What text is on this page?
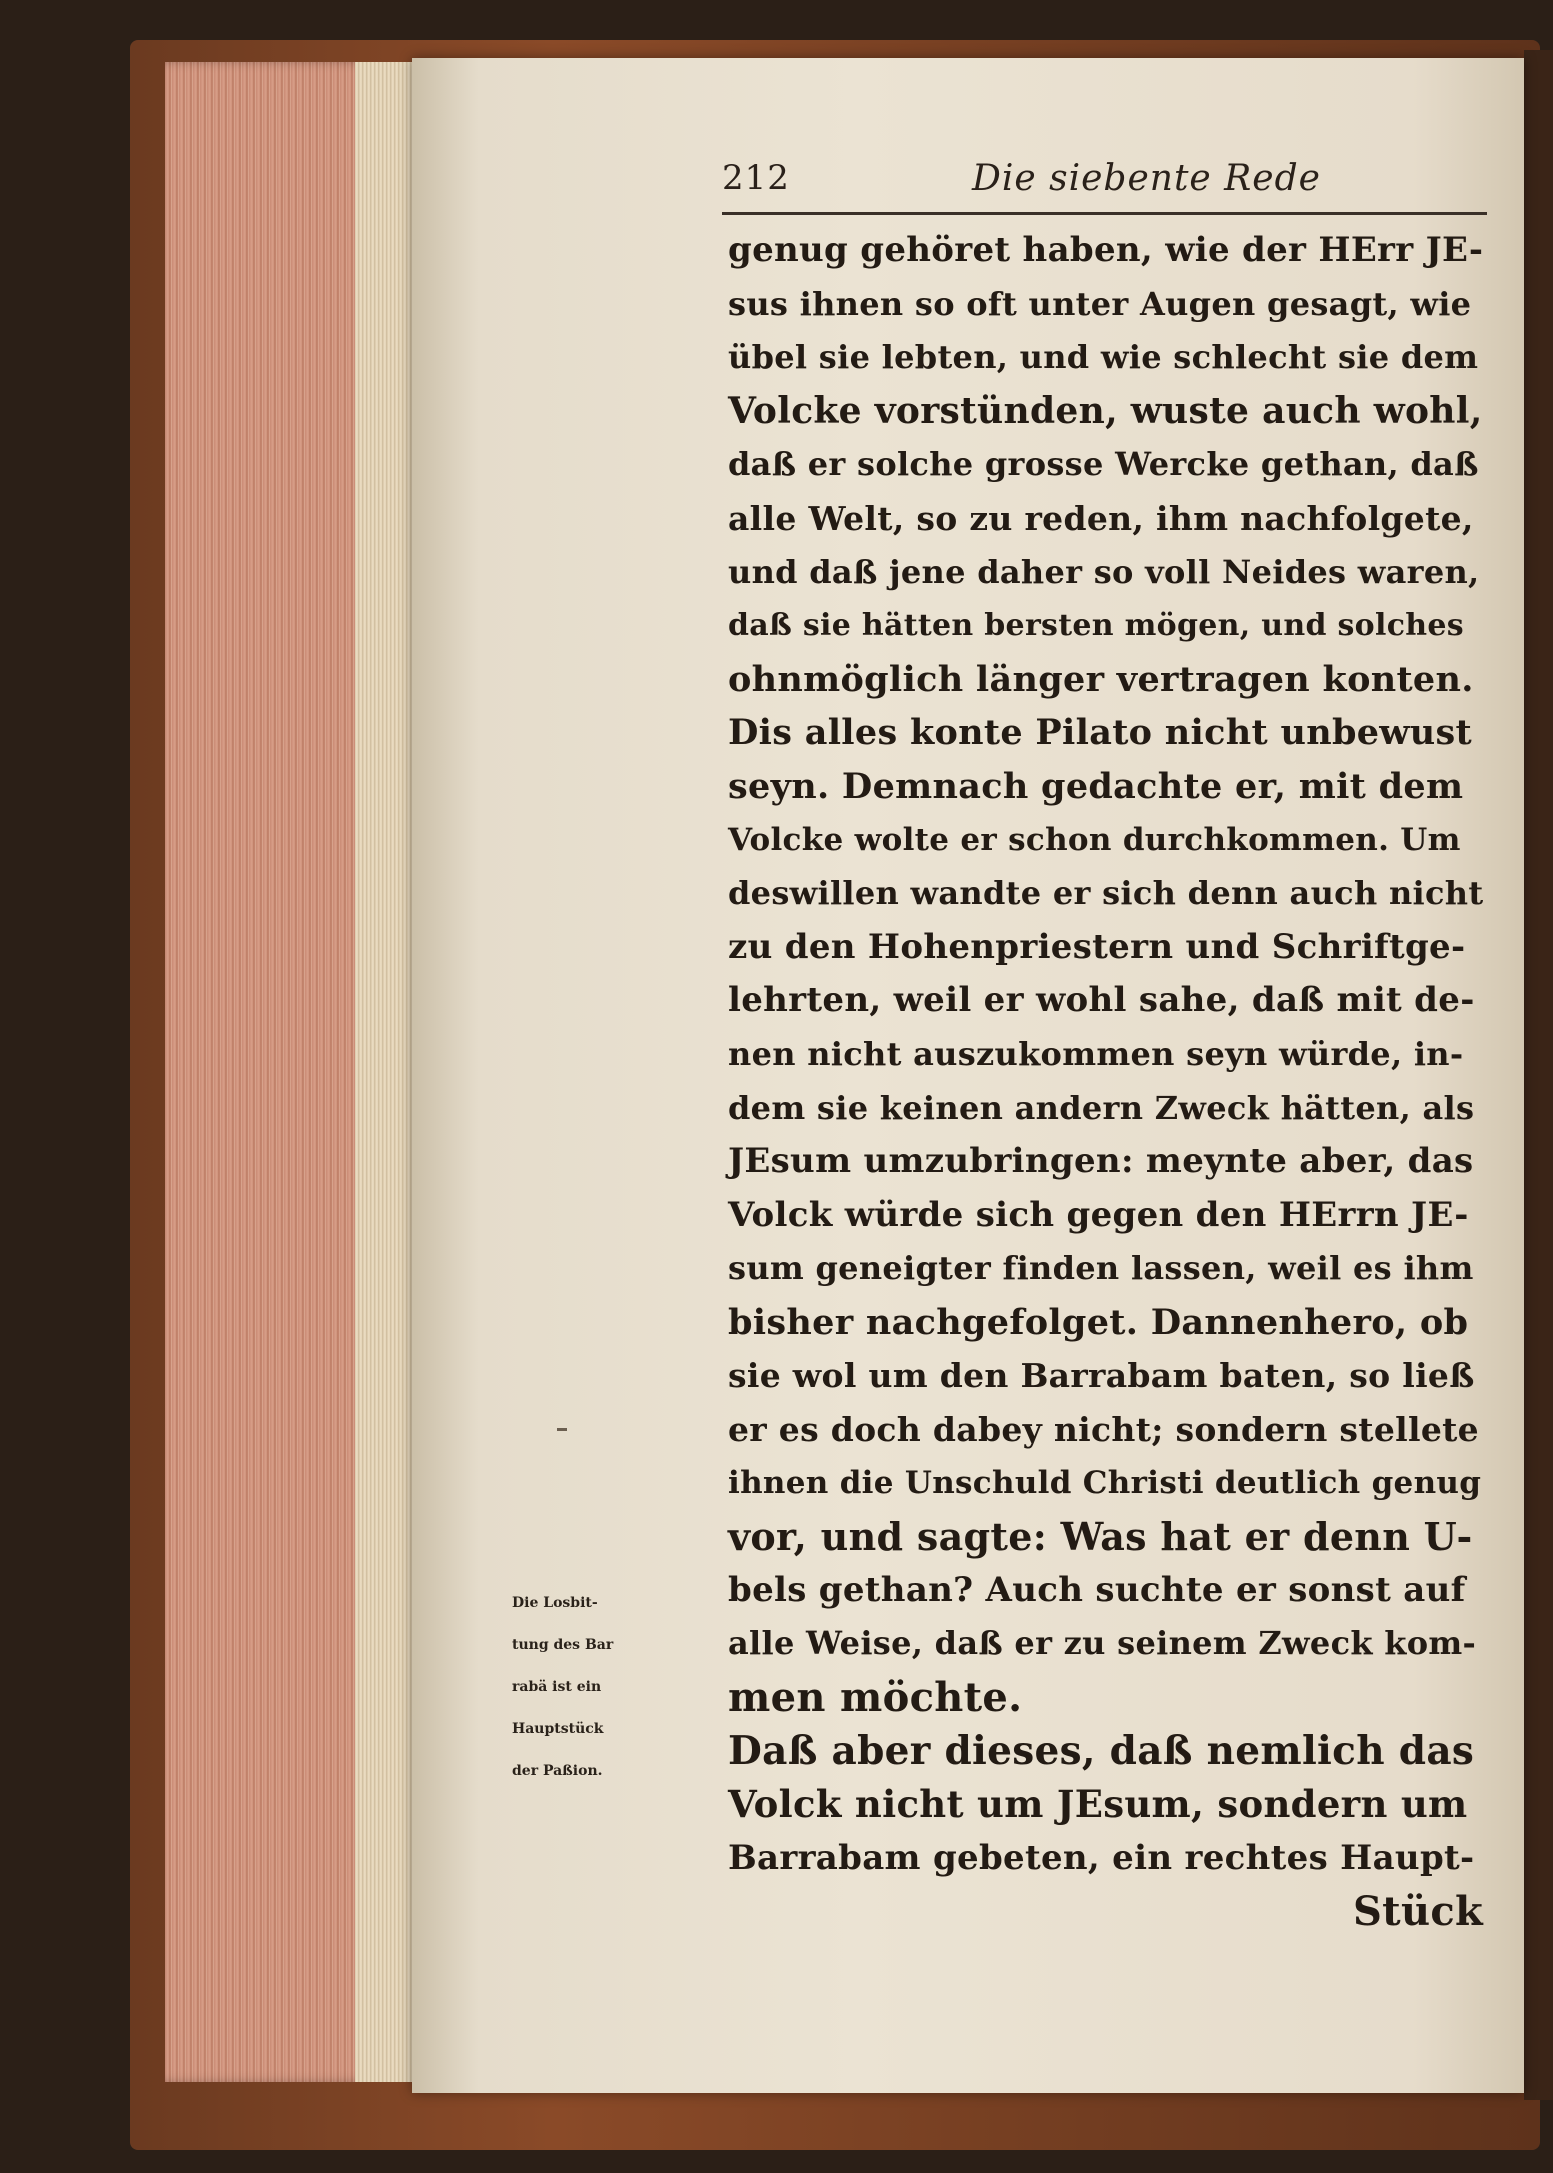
212	Die siebente Rede
genug gehöret haben, wie der HErr JE-
sus ihnen so oft unter Augen gesagt, wie
übel sie lebten, und wie schlecht sie dem
Volcke vorstünden, wuste auch wohl,
daß er solche grosse Wercke gethan, daß
alle Welt, so zu reden, ihm nachfolgete,
und daß jene daher so voll Neides waren,
daß sie hätten bersten mögen, und solches
ohnmöglich länger vertragen konten.
Dis alles konte Pilato nicht unbewust
seyn. Demnach gedachte er, mit dem
Volcke wolte er schon durchkommen. Um
deswillen wandte er sich denn auch nicht
zu den Hohenpriestern und Schriftge-
lehrten, weil er wohl sahe, daß mit de-
nen nicht auszukommen seyn würde, in-
dem sie keinen andern Zweck hätten, als
JEsum umzubringen: meynte aber, das
Volck würde sich gegen den HErrn JE-
sum geneigter finden lassen, weil es ihm
bisher nachgefolget. Dannenhero, ob
sie wol um den Barrabam baten, so ließ
er es doch dabey nicht; sondern stellete
ihnen die Unschuld Christi deutlich genug
vor, und sagte: Was hat er denn U-
bels gethan? Auch suchte er sonst auf
alle Weise, daß er zu seinem Zweck kom-
men möchte.
Daß aber dieses, daß nemlich das
Volck nicht um JEsum, sondern um
Barrabam gebeten, ein rechtes Haupt-
Stück
Die Losbit-
tung des Bar
rabä ist ein
Hauptstück
der Paßion.
